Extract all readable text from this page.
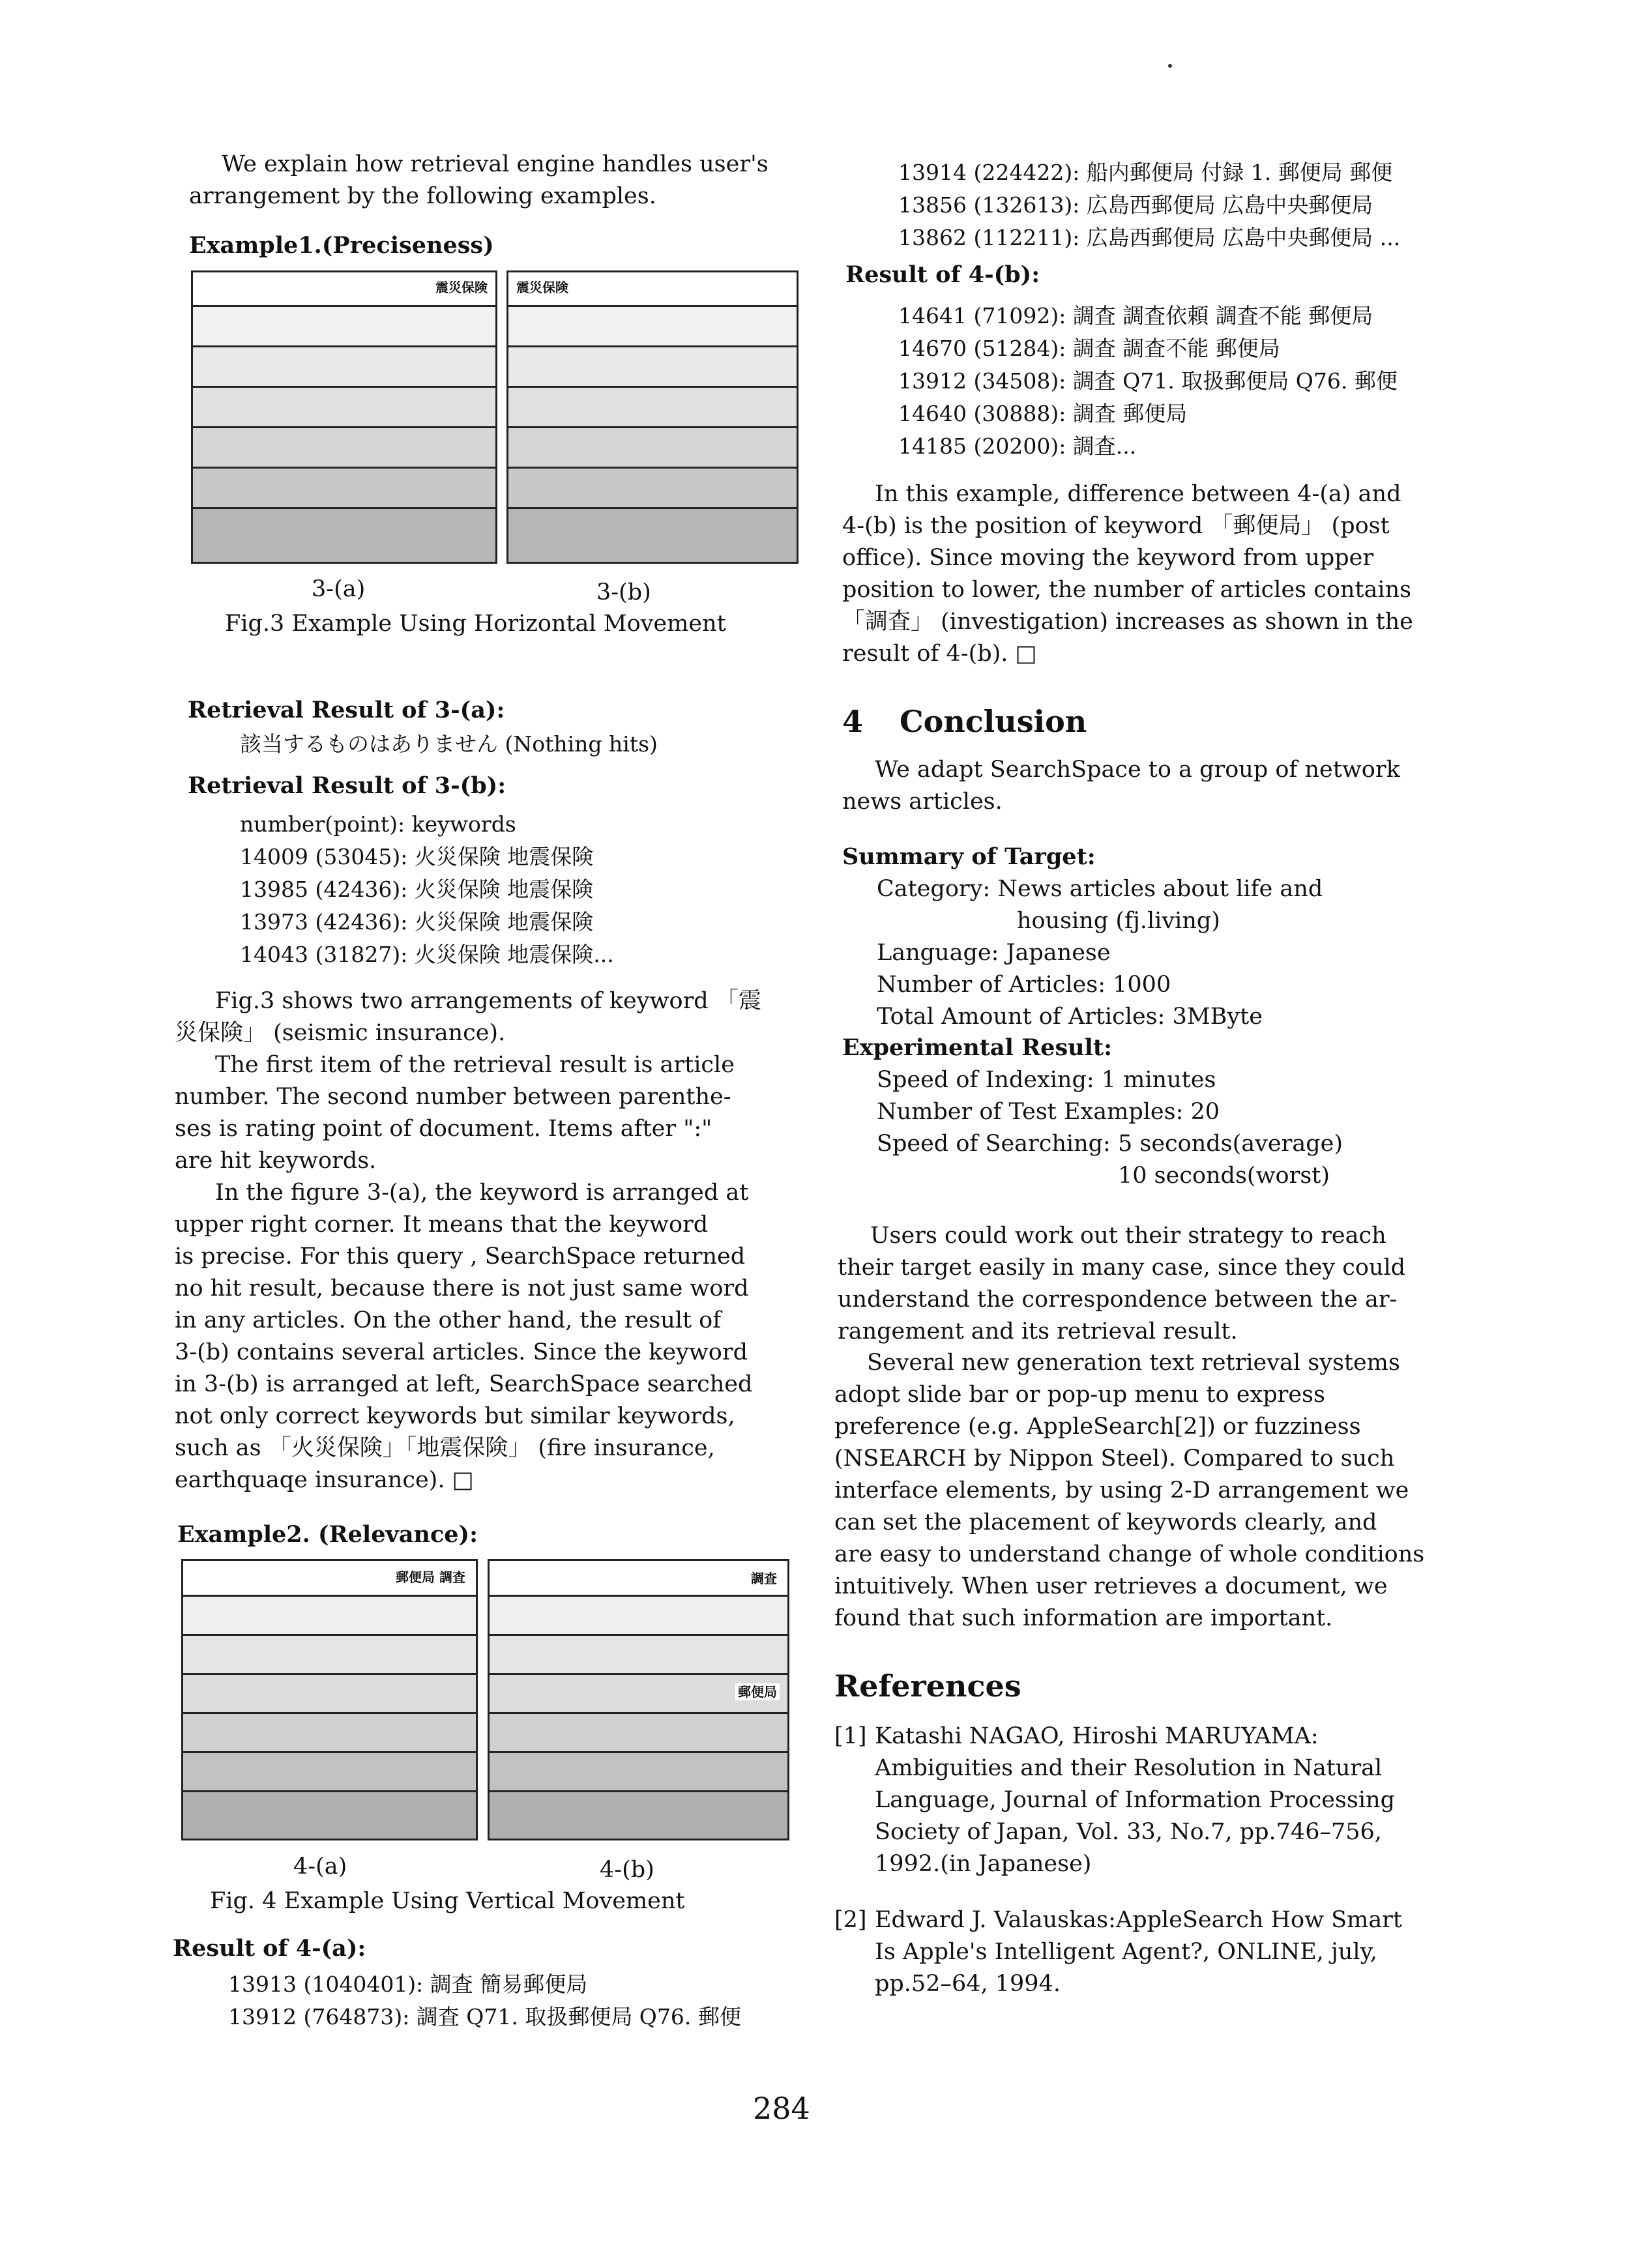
We explain how retrieval engine handles user's
arrangement by the following examples.
Example1.(Preciseness)
震災保険 震災保険
3-(a)	3-(b)
Fig.3 Example Using Horizontal Movement
Retrieval Result of 3-(a):
該当するものはありません (Nothing hits)
Retrieval Result of 3-(b):
number(point): keywords
14009 (53045): 火災保険 地震保険
13985 (42436): 火災保険 地震保険
13973 (42436): 火災保険 地震保険
14043 (31827): 火災保険 地震保険...
Fig.3 shows two arrangements of keyword 「震
災保険」 (seismic insurance).
The first item of the retrieval result is article
number. The second number between parenthe-
ses is rating point of document. Items after ":"
are hit keywords.
In the figure 3-(a), the keyword is arranged at
upper right corner. It means that the keyword
is precise. For this query , SearchSpace returned
no hit result, because there is not just same word
in any articles. On the other hand, the result of
3-(b) contains several articles. Since the keyword
in 3-(b) is arranged at left, SearchSpace searched
not only correct keywords but similar keywords,
such as 「火災保険」「地震保険」 (fire insurance,
earthquaqe insurance). □
Example2. (Relevance):
郵便局 調査	調査
郵便局
4-(a)	4-(b)
Fig. 4 Example Using Vertical Movement
Result of 4-(a):
13913 (1040401): 調査 簡易郵便局
13912 (764873): 調査 Q71. 取扱郵便局 Q76. 郵便
13914 (224422): 船内郵便局 付録 1. 郵便局 郵便
13856 (132613): 広島西郵便局 広島中央郵便局
13862 (112211): 広島西郵便局 広島中央郵便局 ...
Result of 4-(b):
14641 (71092): 調査 調査依頼 調査不能 郵便局
14670 (51284): 調査 調査不能 郵便局
13912 (34508): 調査 Q71. 取扱郵便局 Q76. 郵便
14640 (30888): 調査 郵便局
14185 (20200): 調査...
In this example, difference between 4-(a) and
4-(b) is the position of keyword 「郵便局」 (post
office). Since moving the keyword from upper
position to lower, the number of articles contains
「調査」 (investigation) increases as shown in the
result of 4-(b). □
4 Conclusion
We adapt SearchSpace to a group of network
news articles.
Summary of Target:
Category: News articles about life and
housing (fj.living)
Language: Japanese
Number of Articles: 1000
Total Amount of Articles: 3MByte
Experimental Result:
Speed of Indexing: 1 minutes
Number of Test Examples: 20
Speed of Searching: 5 seconds(average)
10 seconds(worst)
Users could work out their strategy to reach
their target easily in many case, since they could
understand the correspondence between the ar-
rangement and its retrieval result.
Several new generation text retrieval systems
adopt slide bar or pop-up menu to express
preference (e.g. AppleSearch[2]) or fuzziness
(NSEARCH by Nippon Steel). Compared to such
interface elements, by using 2-D arrangement we
can set the placement of keywords clearly, and
are easy to understand change of whole conditions
intuitively. When user retrieves a document, we
found that such information are important.
References
[1] Katashi NAGAO, Hiroshi MARUYAMA:
Ambiguities and their Resolution in Natural
Language, Journal of Information Processing
Society of Japan, Vol. 33, No.7, pp.746–756,
1992.(in Japanese)
[2] Edward J. Valauskas:AppleSearch How Smart
Is Apple's Intelligent Agent?, ONLINE, july,
pp.52–64, 1994.
284
